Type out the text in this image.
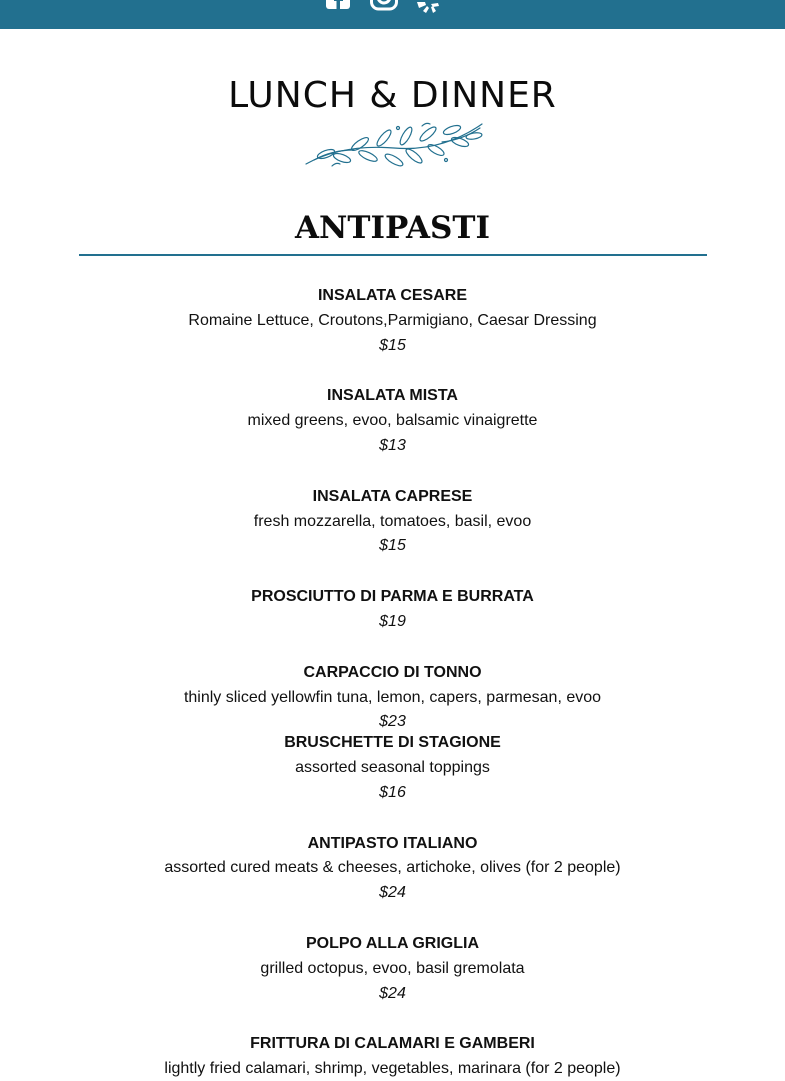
LUNCH & DINNER
ANTIPASTI
INSALATA CESARE
Romaine Lettuce, Croutons,Parmigiano, Caesar Dressing
$15
INSALATA MISTA
mixed greens, evoo, balsamic vinaigrette
$13
INSALATA CAPRESE
fresh mozzarella, tomatoes, basil, evoo
$15
PROSCIUTTO DI PARMA E BURRATA
$19
CARPACCIO DI TONNO
thinly sliced yellowfin tuna, lemon, capers, parmesan, evoo
$23
BRUSCHETTE DI STAGIONE
assorted seasonal toppings
$16
ANTIPASTO ITALIANO
assorted cured meats & cheeses, artichoke, olives (for 2 people)
$24
POLPO ALLA GRIGLIA
grilled octopus, evoo, basil gremolata
$24
FRITTURA DI CALAMARI E GAMBERI
lightly fried calamari, shrimp, vegetables, marinara (for 2 people)
